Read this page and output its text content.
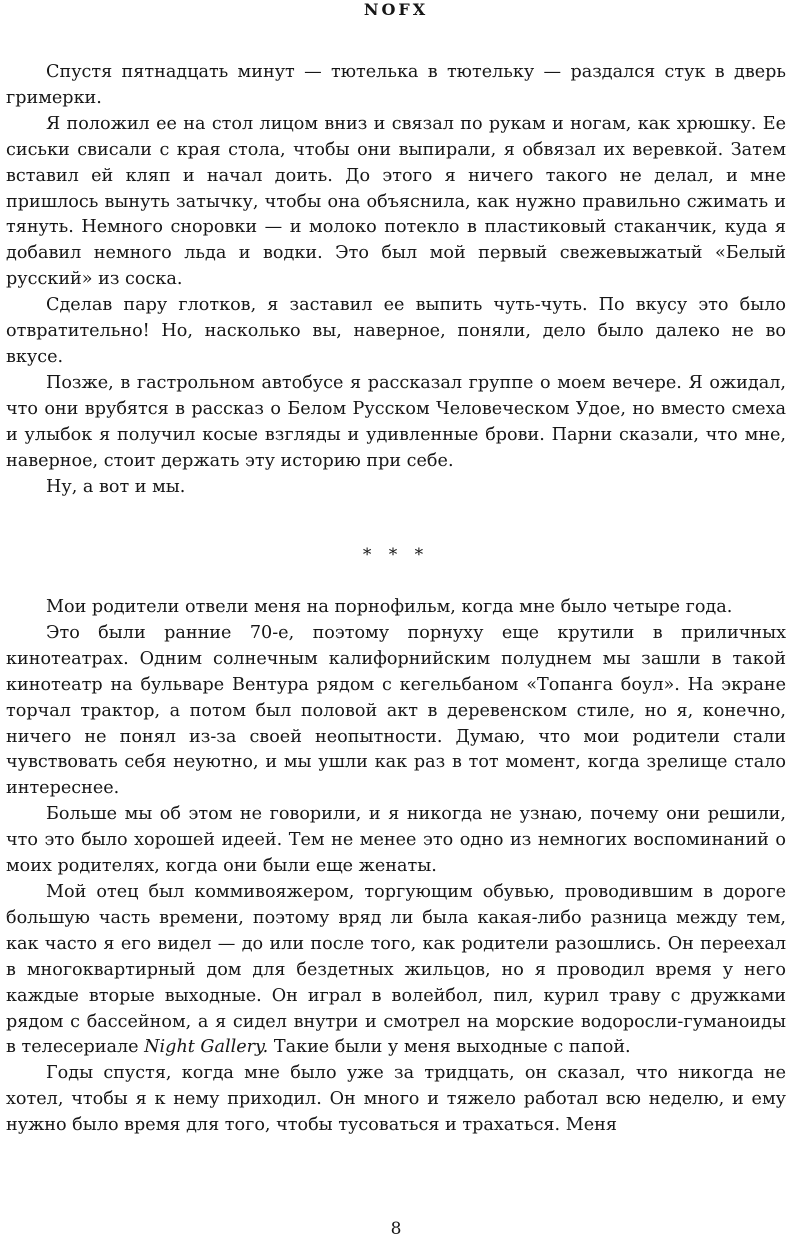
NOFX

Спустя пятнадцать минут — тютелька в тютельку — раздался стук в дверь гримерки.

Я положил ее на стол лицом вниз и связал по рукам и ногам, как хрюшку. Ее сиськи свисали с края стола, чтобы они выпирали, я обвязал их веревкой. Затем вставил ей кляп и начал доить. До этого я ничего такого не делал, и мне пришлось вынуть затычку, чтобы она объяснила, как нужно правильно сжимать и тянуть. Немного сноровки — и молоко потекло в пластиковый стаканчик, куда я добавил немного льда и водки. Это был мой первый свежевыжатый «Белый русский» из соска.

Сделав пару глотков, я заставил ее выпить чуть-чуть. По вкусу это было отвратительно! Но, насколько вы, наверное, поняли, дело было далеко не во вкусе.

Позже, в гастрольном автобусе я рассказал группе о моем вечере. Я ожидал, что они врубятся в рассказ о Белом Русском Человеческом Удое, но вместо смеха и улыбок я получил косые взгляды и удивленные брови. Парни сказали, что мне, наверное, стоит держать эту историю при себе.

Ну, а вот и мы.

* * *

Мои родители отвели меня на порнофильм, когда мне было четыре года.

Это были ранние 70-е, поэтому порнуху еще крутили в приличных кинотеатрах. Одним солнечным калифорнийским полуднем мы зашли в такой кинотеатр на бульваре Вентура рядом с кегельбаном «Топанга боул». На экране торчал трактор, а потом был половой акт в деревенском стиле, но я, конечно, ничего не понял из-за своей неопытности. Думаю, что мои родители стали чувствовать себя неуютно, и мы ушли как раз в тот момент, когда зрелище стало интереснее.

Больше мы об этом не говорили, и я никогда не узнаю, почему они решили, что это было хорошей идеей. Тем не менее это одно из немногих воспоминаний о моих родителях, когда они были еще женаты.

Мой отец был коммивояжером, торгующим обувью, проводившим в дороге большую часть времени, поэтому вряд ли была какая-либо разница между тем, как часто я его видел — до или после того, как родители разошлись. Он переехал в многоквартирный дом для бездетных жильцов, но я проводил время у него каждые вторые выходные. Он играл в волейбол, пил, курил траву с дружками рядом с бассейном, а я сидел внутри и смотрел на морские водоросли-гуманоиды в телесериале Night Gallery. Такие были у меня выходные с папой.

Годы спустя, когда мне было уже за тридцать, он сказал, что никогда не хотел, чтобы я к нему приходил. Он много и тяжело работал всю неделю, и ему нужно было время для того, чтобы тусоваться и трахаться. Меня

8
